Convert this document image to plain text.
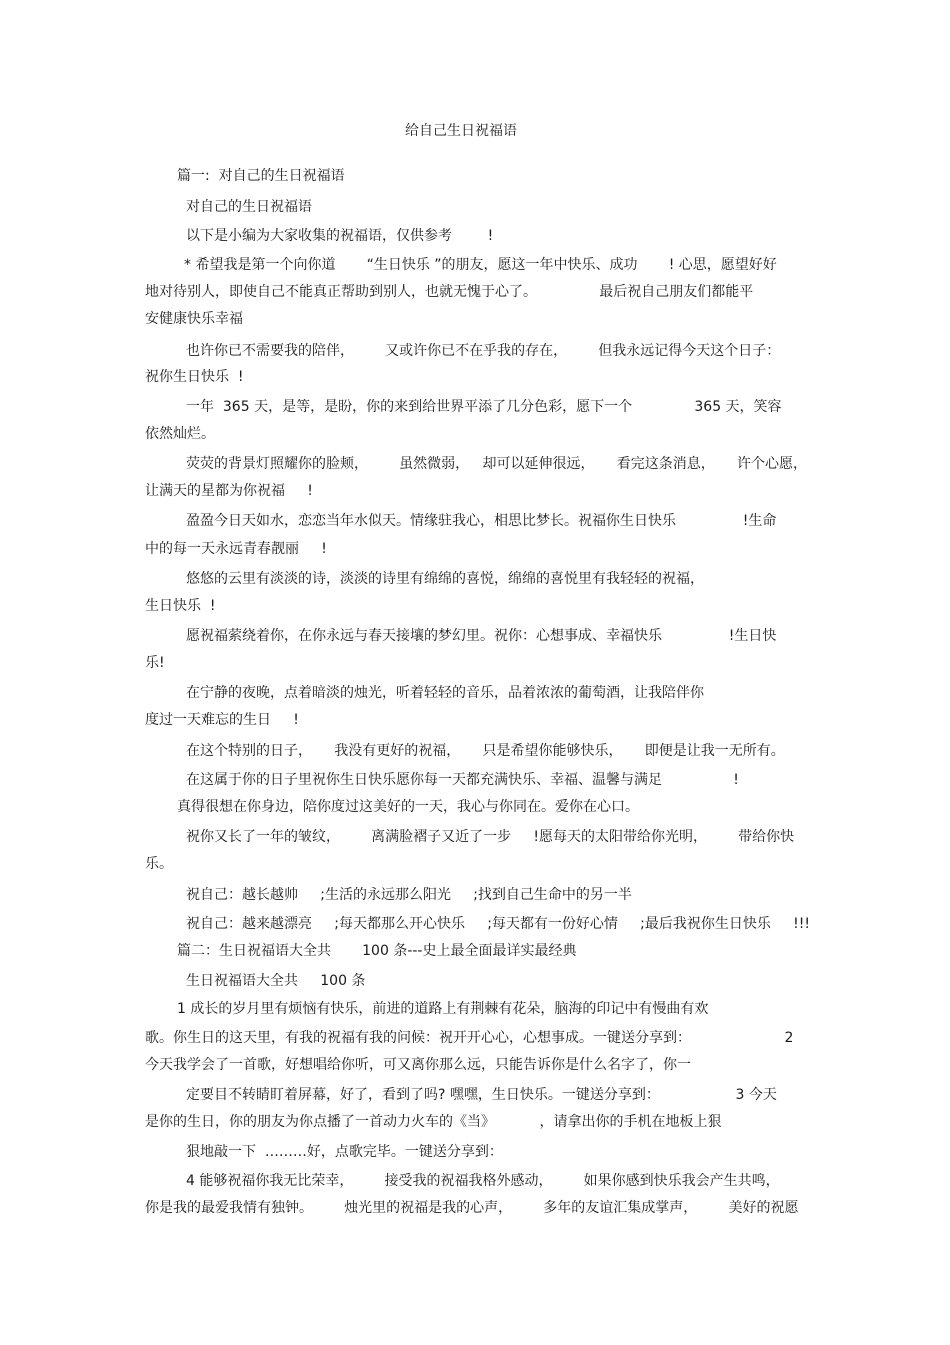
给自己生日祝福语
篇一:  对自己的生日祝福语
对自己的生日祝福语
以下是小编为大家收集的祝福语，仅供参考        !
* 希望我是第一个向你道       “生日快乐 ”的朋友，愿这一年中快乐、成功       ! 心思，愿望好好
地对待别人，即使自己不能真正帮助到别人，也就无愧于心了。              最后祝自己朋友们都能平
安健康快乐幸福
也许你已不需要我的陪伴，       又或许你已不在乎我的存在，       但我永远记得今天这个日子：
祝你生日快乐  !
一年  365 天，是等，是盼，你的来到给世界平添了几分色彩，愿下一个              365 天，笑容
依然灿烂。
荧荧的背景灯照耀你的脸颊，       虽然微弱，   却可以延伸很远，     看完这条消息，     许个心愿，
让满天的星都为你祝福     !
盈盈今日天如水，恋恋当年水似天。情缘驻我心，相思比梦长。祝福你生日快乐               !生命
中的每一天永远青春靓丽     !
悠悠的云里有淡淡的诗，淡淡的诗里有绵绵的喜悦，绵绵的喜悦里有我轻轻的祝福，
生日快乐  !
愿祝福萦绕着你，在你永远与春天接壤的梦幻里。祝你：心想事成、幸福快乐               !生日快
乐!
在宁静的夜晚，点着暗淡的烛光，听着轻轻的音乐，品着浓浓的葡萄酒，让我陪伴你
度过一天难忘的生日     !
在这个特别的日子，     我没有更好的祝福，     只是希望你能够快乐，     即便是让我一无所有。
在这属于你的日子里祝你生日快乐愿你每一天都充满快乐、幸福、温馨与满足                !
真得很想在你身边，陪你度过这美好的一天，我心与你同在。爱你在心口。
祝你又长了一年的皱纹，       离满脸褶子又近了一步     !愿每天的太阳带给你光明，       带给你快
乐。
祝自己：越长越帅     ;生活的永远那么阳光     ;找到自己生命中的另一半
祝自己：越来越漂亮     ;每天都那么开心快乐     ;每天都有一份好心情     ;最后我祝你生日快乐     !!!
篇二：生日祝福语大全共       100 条---史上最全面最详实最经典
生日祝福语大全共     100 条
1 成长的岁月里有烦恼有快乐，前进的道路上有荆棘有花朵，脑海的印记中有慢曲有欢
歌。你生日的这天里，有我的祝福有我的问候：祝开开心心，心想事成。一键送分享到：                     2
今天我学会了一首歌，好想唱给你听，可又离你那么远，只能告诉你是什么名字了，你一
定要目不转睛盯着屏幕，好了，看到了吗? 嘿嘿，生日快乐。一键送分享到：                 3 今天
是你的生日，你的朋友为你点播了一首动力火车的《当》          ，请拿出你的手机在地板上狠
狠地敲一下  ………好，点歌完毕。一键送分享到：
4 能够祝福你我无比荣幸，       接受我的祝福我格外感动，       如果你感到快乐我会产生共鸣，
你是我的最爱我情有独钟。       烛光里的祝福是我的心声，       多年的友谊汇集成掌声，       美好的祝愿
